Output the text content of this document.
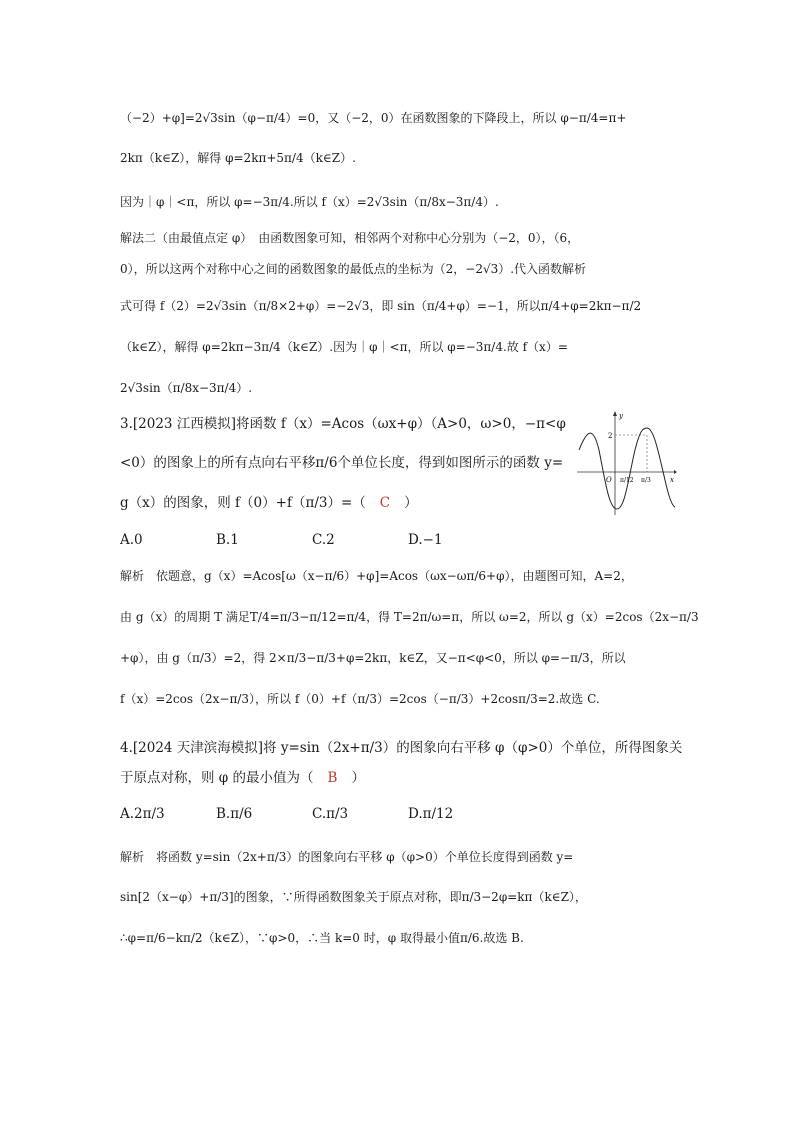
（−2）+φ]=2√3sin（φ−π/4）=0，又（−2，0）在函数图象的下降段上，所以 φ−π/4=π+
2kπ（k∈Z），解得 φ=2kπ+5π/4（k∈Z）.
因为｜φ｜<π，所以 φ=−3π/4.所以 f（x）=2√3sin（π/8x−3π/4）.
解法二（由最值点定 φ）　由函数图象可知，相邻两个对称中心分别为（−2，0），（6，
0），所以这两个对称中心之间的函数图象的最低点的坐标为（2，−2√3）.代入函数解析
式可得 f（2）=2√3sin（π/8×2+φ）=−2√3，即 sin（π/4+φ）=−1，所以π/4+φ=2kπ−π/2
（k∈Z），解得 φ=2kπ−3π/4（k∈Z）.因为｜φ｜<π，所以 φ=−3π/4.故 f（x）=
2√3sin（π/8x−3π/4）.
3.[2023 江西模拟]将函数 f（x）=Acos（ωx+φ）（A>0，ω>0，−π<φ
<0）的图象上的所有点向右平移π/6个单位长度，得到如图所示的函数 y=
g（x）的图象，则 f（0）+f（π/3）=（ C ）
A.0	B.1	C.2	D.−1
解析　依题意，g（x）=Acos[ω（x−π/6）+φ]=Acos（ωx−ωπ/6+φ），由题图可知，A=2，
由 g（x）的周期 T 满足T/4=π/3−π/12=π/4，得 T=2π/ω=π，所以 ω=2，所以 g（x）=2cos（2x−π/3
+φ），由 g（π/3）=2，得 2×π/3−π/3+φ=2kπ，k∈Z，又−π<φ<0，所以 φ=−π/3，所以
f（x）=2cos（2x−π/3），所以 f（0）+f（π/3）=2cos（−π/3）+2cosπ/3=2.故选 C.
4.[2024 天津滨海模拟]将 y=sin（2x+π/3）的图象向右平移 φ（φ>0）个单位，所得图象关
于原点对称，则 φ 的最小值为（ B ）
A.2π/3	B.π/6	C.π/3	D.π/12
解析　将函数 y=sin（2x+π/3）的图象向右平移 φ（φ>0）个单位长度得到函数 y=
sin[2（x−φ）+π/3]的图象，∵所得函数图象关于原点对称，即π/3−2φ=kπ（k∈Z），
∴φ=π/6−kπ/2（k∈Z），∵φ>0，∴当 k=0 时，φ 取得最小值π/6.故选 B.
y
x
O
2
π/12 π/3
